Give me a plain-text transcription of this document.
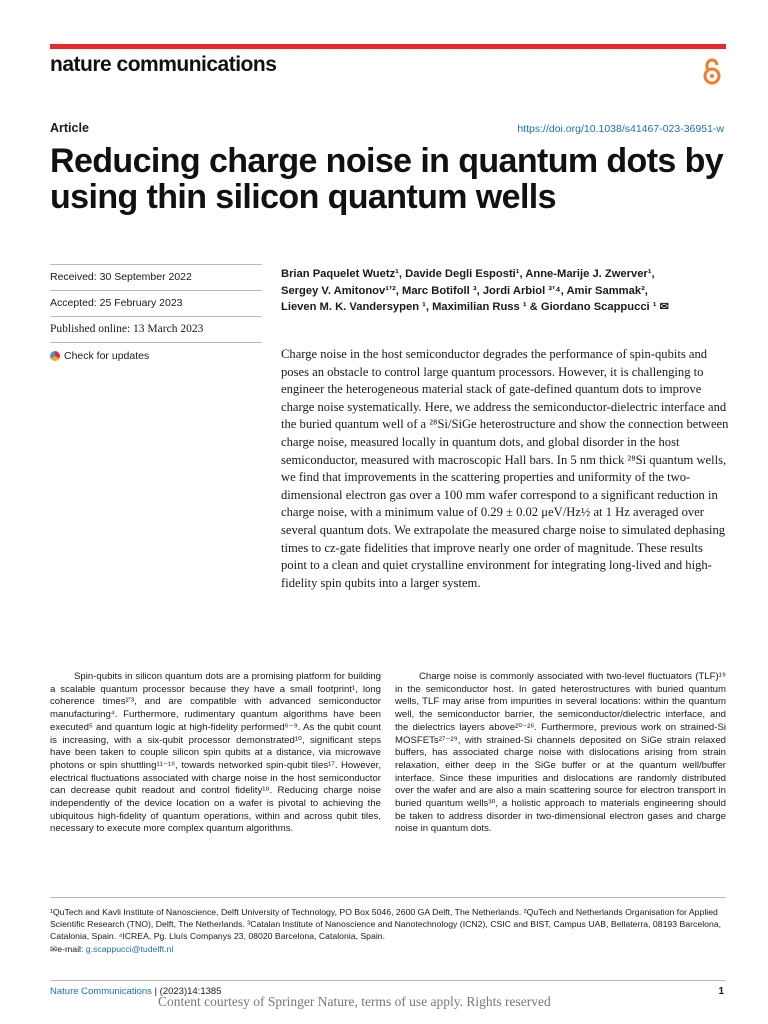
nature communications
Article	https://doi.org/10.1038/s41467-023-36951-w
Reducing charge noise in quantum dots by using thin silicon quantum wells
Received: 30 September 2022
Accepted: 25 February 2023
Published online: 13 March 2023
Check for updates
Brian Paquelet Wuetz¹, Davide Degli Esposti¹, Anne-Marije J. Zwerver¹,
Sergey V. Amitonov¹ʼ², Marc Botifoll ³, Jordi Arbiol ³ʼ⁴, Amir Sammak²,
Lieven M. K. Vandersypen ¹, Maximilian Russ ¹ & Giordano Scappucci ¹ ✉
Charge noise in the host semiconductor degrades the performance of spin-qubits and poses an obstacle to control large quantum processors. However, it is challenging to engineer the heterogeneous material stack of gate-defined quantum dots to improve charge noise systematically. Here, we address the semiconductor-dielectric interface and the buried quantum well of a ²⁸Si/SiGe heterostructure and show the connection between charge noise, measured locally in quantum dots, and global disorder in the host semiconductor, measured with macroscopic Hall bars. In 5 nm thick ²⁸Si quantum wells, we find that improvements in the scattering properties and uniformity of the two-dimensional electron gas over a 100 mm wafer correspond to a significant reduction in charge noise, with a minimum value of 0.29 ± 0.02 μeV/Hz½ at 1 Hz averaged over several quantum dots. We extrapolate the measured charge noise to simulated dephasing times to cz-gate fidelities that improve nearly one order of magnitude. These results point to a clean and quiet crystalline environment for integrating long-lived and high-fidelity spin qubits into a larger system.
Spin-qubits in silicon quantum dots are a promising platform for building a scalable quantum processor because they have a small footprint¹, long coherence times²ʼ³, and are compatible with advanced semiconductor manufacturing⁴. Furthermore, rudimentary quantum algorithms have been executed⁵ and quantum logic at high-fidelity performed⁶⁻⁹. As the qubit count is increasing, with a six-qubit processor demonstrated¹⁰, significant steps have been taken to couple silicon spin qubits at a distance, via microwave photons or spin shuttling¹¹⁻¹⁶, towards networked spin-qubit tiles¹⁷. However, electrical fluctuations associated with charge noise in the host semiconductor can decrease qubit readout and control fidelity¹⁸. Reducing charge noise independently of the device location on a wafer is pivotal to achieving the ubiquitous high-fidelity of quantum operations, within and across qubit tiles, necessary to execute more complex quantum algorithms.
Charge noise is commonly associated with two-level fluctuators (TLF)¹⁹ in the semiconductor host. In gated heterostructures with buried quantum wells, TLF may arise from impurities in several locations: within the quantum well, the semiconductor barrier, the semiconductor/dielectric interface, and the dielectrics layers above²⁰⁻²⁶. Furthermore, previous work on strained-Si MOSFETs²⁷⁻²⁹, with strained-Si channels deposited on SiGe strain relaxed buffers, has associated charge noise with dislocations arising from strain relaxation, either deep in the SiGe buffer or at the quantum well/buffer interface. Since these impurities and dislocations are randomly distributed over the wafer and are also a main scattering source for electron transport in buried quantum wells³⁰, a holistic approach to materials engineering should be taken to address disorder in two-dimensional electron gases and charge noise in quantum dots.
¹QuTech and Kavli Institute of Nanoscience, Delft University of Technology, PO Box 5046, 2600 GA Delft, The Netherlands. ²QuTech and Netherlands Organisation for Applied Scientific Research (TNO), Delft, The Netherlands. ³Catalan Institute of Nanoscience and Nanotechnology (ICN2), CSIC and BIST, Campus UAB, Bellaterra, 08193 Barcelona, Catalonia, Spain. ⁴ICREA, Pg. Lluís Companys 23, 08020 Barcelona, Catalonia, Spain.
✉e-mail: g.scappucci@tudelft.nl
Nature Communications | (2023)14:1385	1
Content courtesy of Springer Nature, terms of use apply. Rights reserved
